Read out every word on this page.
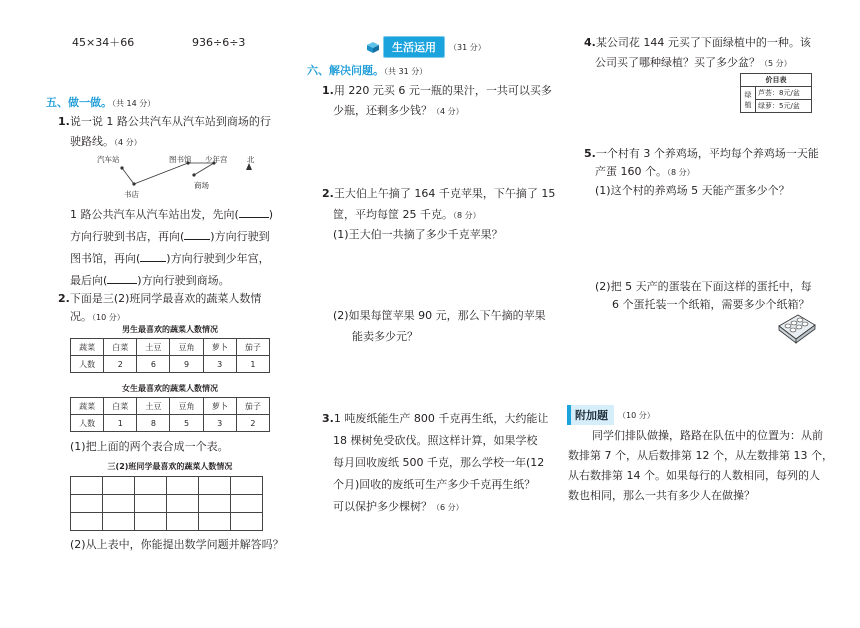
45×34＋66	936÷6÷3
五、做一做。（共 14 分）
1.说一说 1 路公共汽车从汽车站到商场的行
驶路线。（4 分）
汽车站	图书馆 少年宫	北
书店
商场
1 路公共汽车从汽车站出发，先向(	)
方向行驶到书店，再向( )方向行驶到
图书馆，再向( )方向行驶到少年宫，
最后向(	)方向行驶到商场。
2.下面是三(2)班同学最喜欢的蔬菜人数情
况。（10 分）
男生最喜欢的蔬菜人数情况
蔬菜	白菜	土豆	豆角	萝卜	茄子
人数	2	6	9	3	1
女生最喜欢的蔬菜人数情况
蔬菜	白菜	土豆	豆角	萝卜	茄子
人数	1	8	5	3	2
(1)把上面的两个表合成一个表。
三(2)班同学最喜欢的蔬菜人数情况

(2)从上表中，你能提出数学问题并解答吗？
生活运用	（31 分）
六、解决问题。（共 31 分）
1.用 220 元买 6 元一瓶的果汁，一共可以买多
少瓶，还剩多少钱？（4 分）
2.王大伯上午摘了 164 千克苹果，下午摘了 15
筐，平均每筐 25 千克。（8 分）
(1)王大伯一共摘了多少千克苹果？
(2)如果每筐苹果 90 元，那么下午摘的苹果
能卖多少元？
3.1 吨废纸能生产 800 千克再生纸，大约能让
18 棵树免受砍伐。照这样计算，如果学校
每月回收废纸 500 千克，那么学校一年(12
个月)回收的废纸可生产多少千克再生纸？
可以保护多少棵树？（6 分）
4.某公司花 144 元买了下面绿植中的一种。该
公司买了哪种绿植？买了多少盆？（5 分）
价目表
绿植	芦荟：8元/盆
绿萝：5元/盆
5.一个村有 3 个养鸡场，平均每个养鸡场一天能
产蛋 160 个。（8 分）
(1)这个村的养鸡场 5 天能产蛋多少个？
(2)把 5 天产的蛋装在下面这样的蛋托中，每
6 个蛋托装一个纸箱，需要多少个纸箱？
附加题	（10 分）
同学们排队做操，路路在队伍中的位置为：从前
数排第 7 个，从后数排第 12 个，从左数排第 13 个，
从右数排第 14 个。如果每行的人数相同，每列的人
数也相同，那么一共有多少人在做操？
